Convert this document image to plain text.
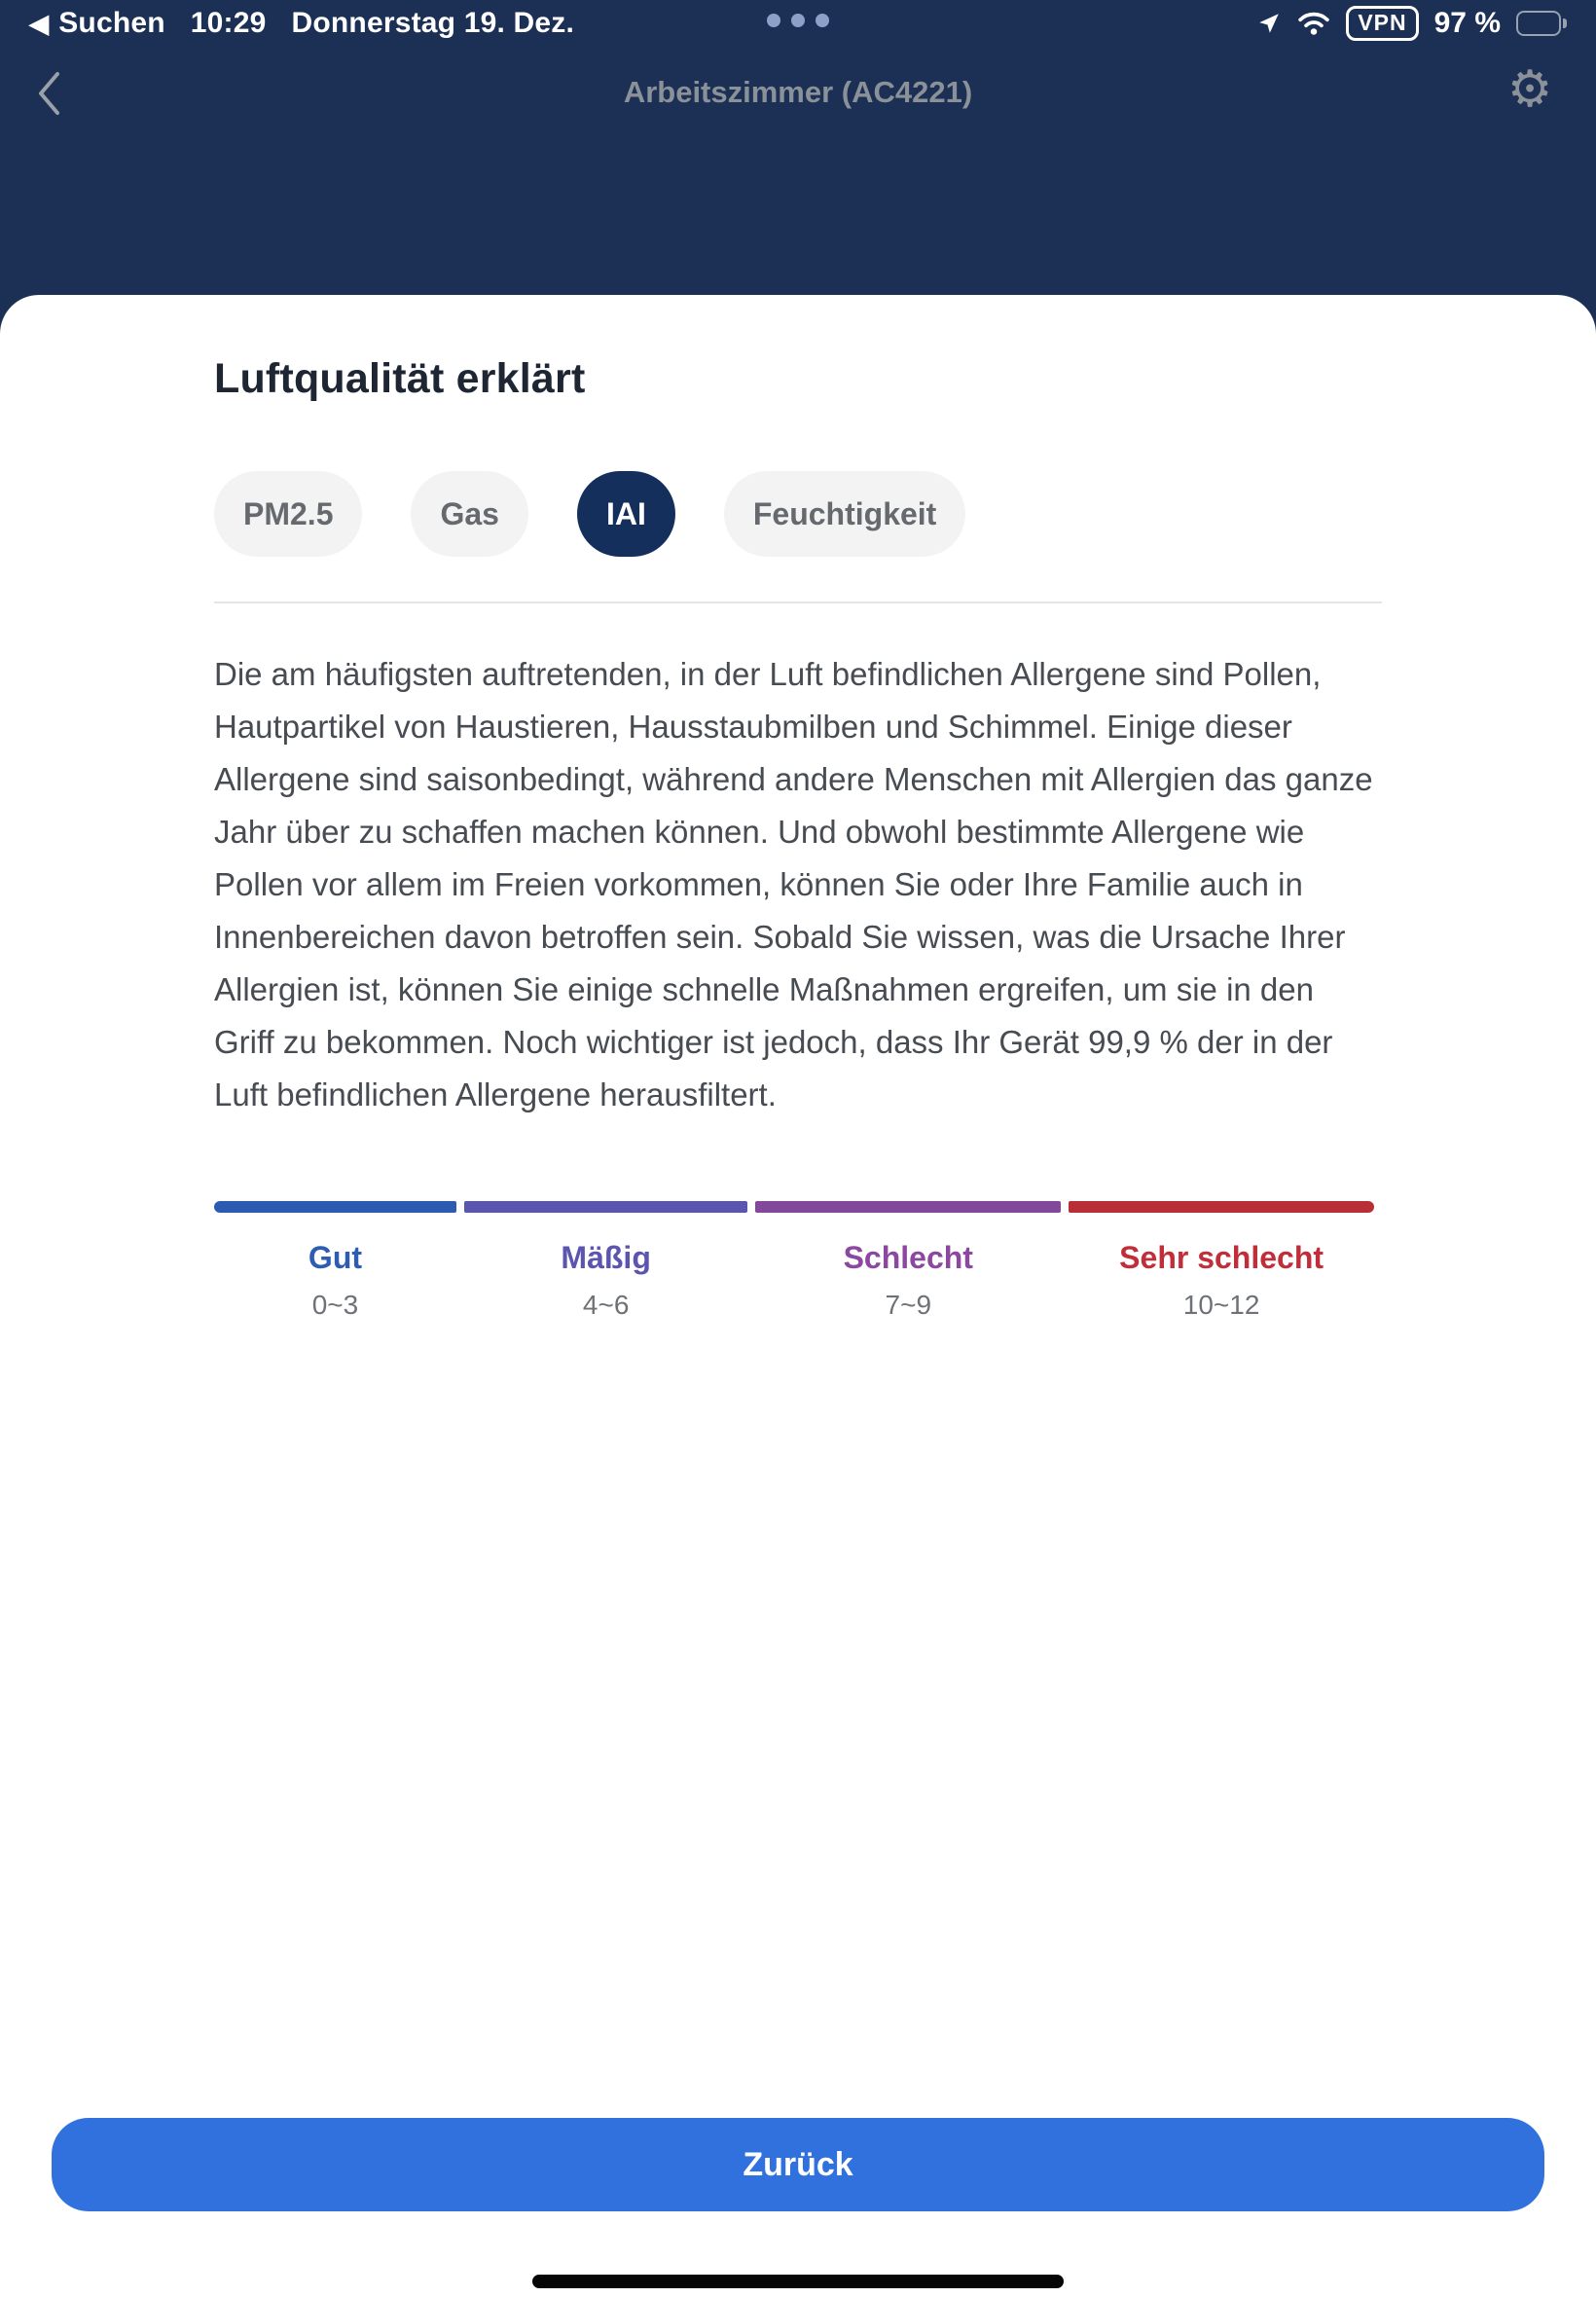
◀ Suchen 10:29 Donnerstag 19. Dez.	VPN 97 %
Arbeitszimmer (AC4221)	⚙
Luftqualität erklärt
PM2.5	Gas	IAI	Feuchtigkeit

Die am häufigsten auftretenden, in der Luft befindlichen Allergene sind Pollen, Hautpartikel von Haustieren, Hausstaubmilben und Schimmel. Einige dieser Allergene sind saisonbedingt, während andere Menschen mit Allergien das ganze Jahr über zu schaffen machen können. Und obwohl bestimmte Allergene wie Pollen vor allem im Freien vorkommen, können Sie oder Ihre Familie auch in Innenbereichen davon betroffen sein. Sobald Sie wissen, was die Ursache Ihrer Allergien ist, können Sie einige schnelle Maßnahmen ergreifen, um sie in den Griff zu bekommen. Noch wichtiger ist jedoch, dass Ihr Gerät 99,9 % der in der Luft befindlichen Allergene herausfiltert.

Gut
0~3
Mäßig
4~6
Schlecht
7~9
Sehr schlecht
10~12
Zurück
